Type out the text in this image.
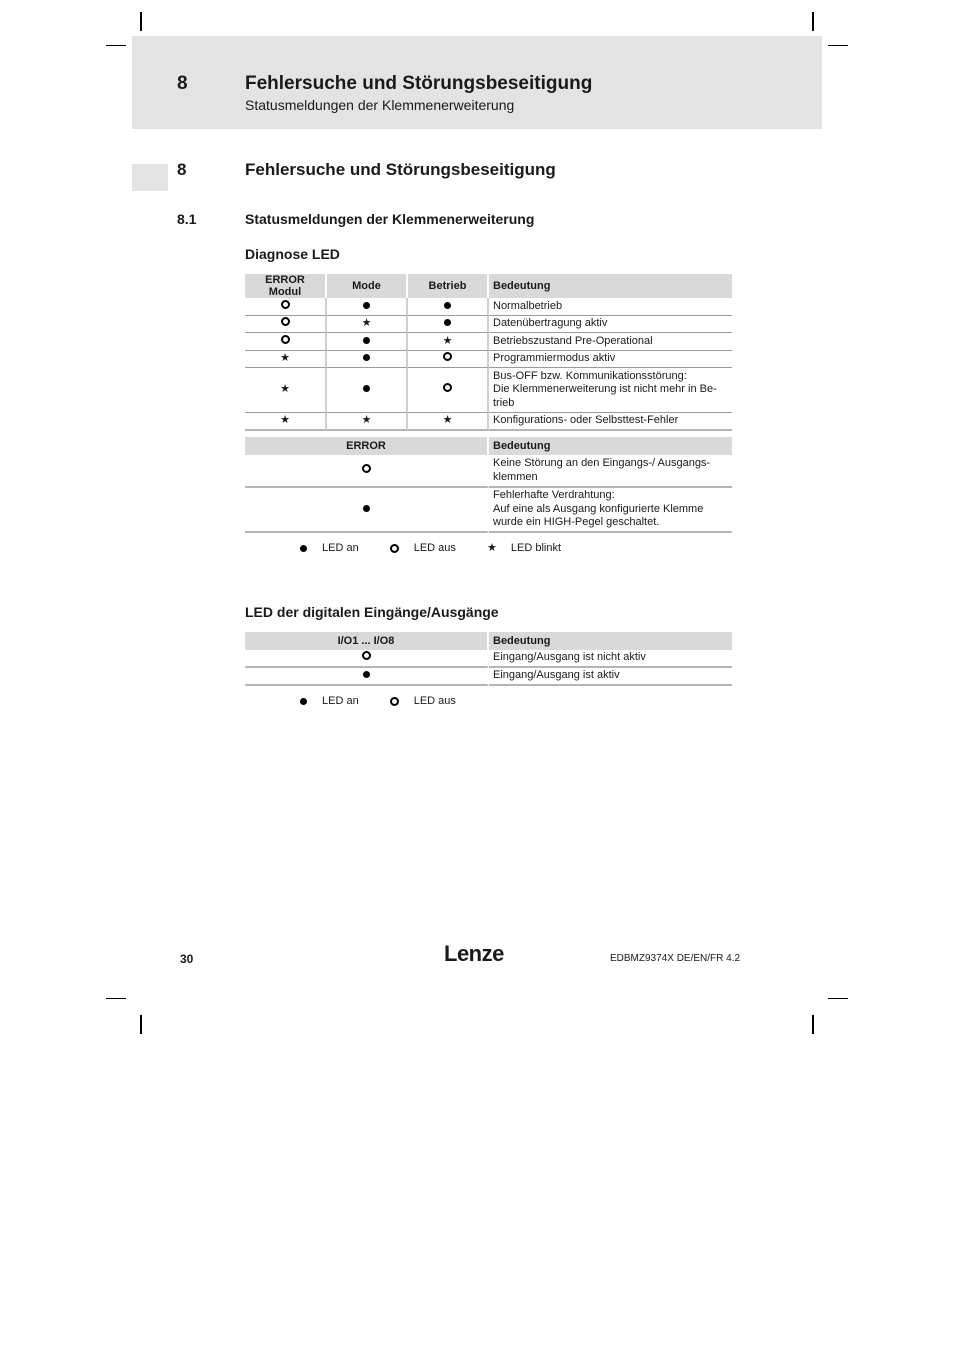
8	Fehlersuche und Störungsbeseitigung
Statusmeldungen der Klemmenerweiterung
8	Fehlersuche und Störungsbeseitigung
8.1	Statusmeldungen der Klemmenerweiterung
Diagnose LED
ERROR Modul	Mode	Betrieb	Bedeutung
			Normalbetrieb
	★		Datenübertragung aktiv
		★	Betriebszustand Pre-Operational
★			Programmiermodus aktiv
★			Bus-OFF bzw. Kommunikationsstörung:
Die Klemmenerweiterung ist nicht mehr in Be-
trieb
★	★	★	Konfigurations- oder Selbsttest-Fehler
ERROR	Bedeutung
	Keine Störung an den Eingangs-/ Ausgangs-
klemmen
	Fehlerhafte Verdrahtung:
Auf eine als Ausgang konfigurierte Klemme
wurde ein HIGH-Pegel geschaltet.
LED an	LED aus	★ LED blinkt
LED der digitalen Eingänge/Ausgänge
I/O1 ... I/O8	Bedeutung
	Eingang/Ausgang ist nicht aktiv
	Eingang/Ausgang ist aktiv
LED an	LED aus
30	Lenze	EDBMZ9374X DE/EN/FR 4.2
